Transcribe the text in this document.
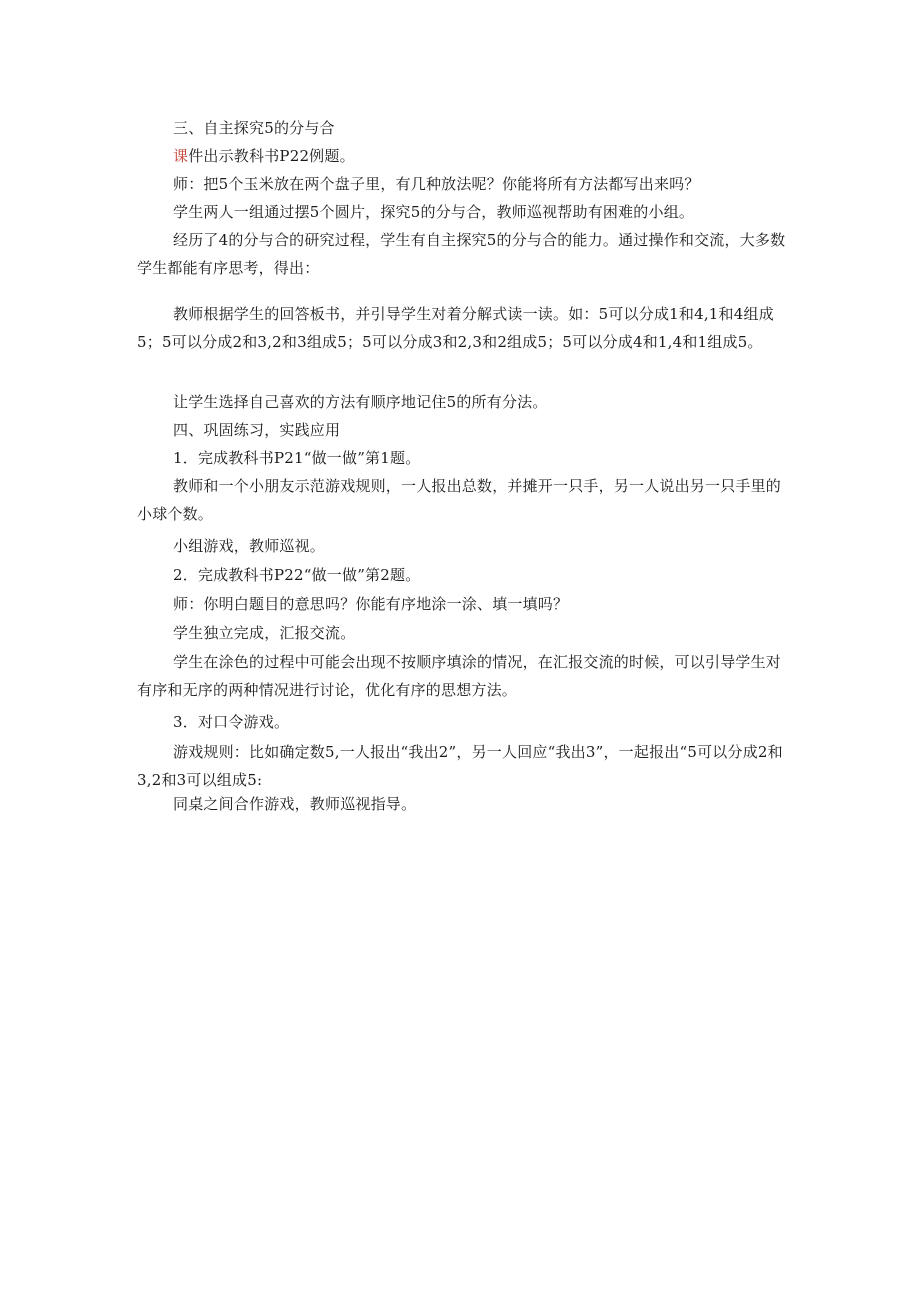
三、自主探究5的分与合

课件出示教科书P22例题。

师：把5个玉米放在两个盘子里，有几种放法呢？你能将所有方法都写出来吗？

学生两人一组通过摆5个圆片，探究5的分与合，教师巡视帮助有困难的小组。

经历了4的分与合的研究过程，学生有自主探究5的分与合的能力。通过操作和交流，大多数学生都能有序思考，得出：

教师根据学生的回答板书，并引导学生对着分解式读一读。如：5可以分成1和4,1和4组成5；5可以分成2和3,2和3组成5；5可以分成3和2,3和2组成5；5可以分成4和1,4和1组成5。

让学生选择自己喜欢的方法有顺序地记住5的所有分法。

四、巩固练习，实践应用

1．完成教科书P21“做一做”第1题。

教师和一个小朋友示范游戏规则，一人报出总数，并摊开一只手，另一人说出另一只手里的小球个数。

小组游戏，教师巡视。

2．完成教科书P22“做一做”第2题。

师：你明白题目的意思吗？你能有序地涂一涂、填一填吗？

学生独立完成，汇报交流。

学生在涂色的过程中可能会出现不按顺序填涂的情况，在汇报交流的时候，可以引导学生对有序和无序的两种情况进行讨论，优化有序的思想方法。

3．对口令游戏。

游戏规则：比如确定数5,一人报出“我出2”，另一人回应“我出3”，一起报出“5可以分成2和3,2和3可以组成5:

同桌之间合作游戏，教师巡视指导。
